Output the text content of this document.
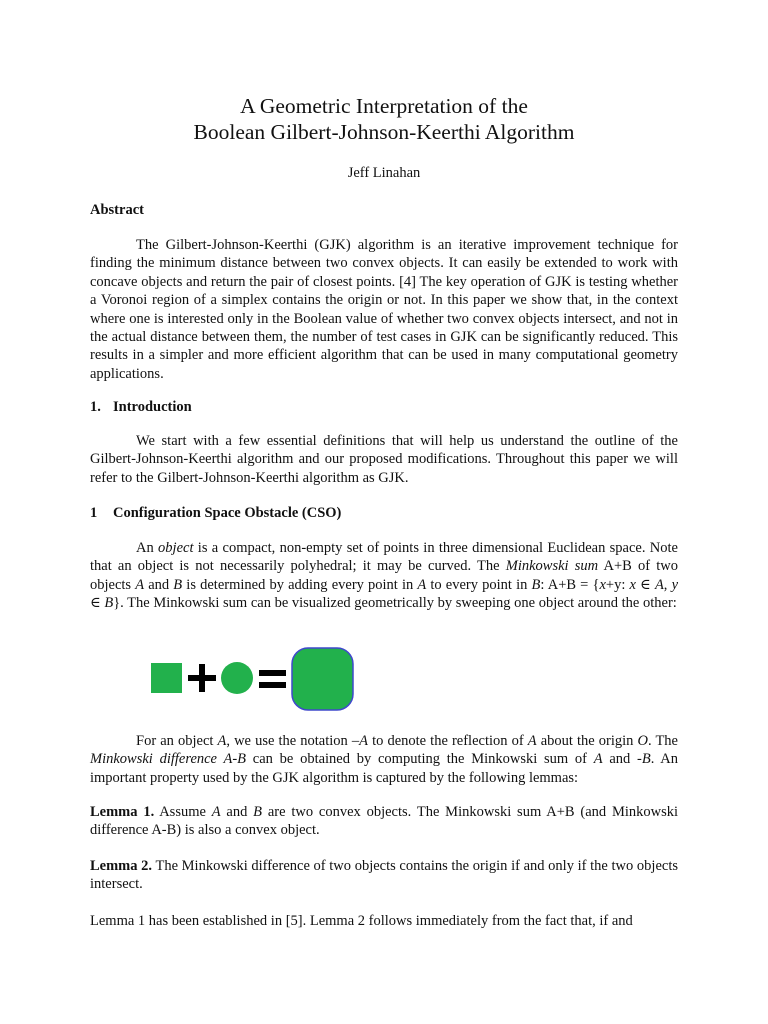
A Geometric Interpretation of the
Boolean Gilbert-Johnson-Keerthi Algorithm
Jeff Linahan
Abstract
The Gilbert-Johnson-Keerthi (GJK) algorithm is an iterative improvement technique for finding the minimum distance between two convex objects. It can easily be extended to work with concave objects and return the pair of closest points. [4] The key operation of GJK is testing whether a Voronoi region of a simplex contains the origin or not. In this paper we show that, in the context where one is interested only in the Boolean value of whether two convex objects intersect, and not in the actual distance between them, the number of test cases in GJK can be significantly reduced. This results in a simpler and more efficient algorithm that can be used in many computational geometry applications.
1. Introduction
We start with a few essential definitions that will help us understand the outline of the Gilbert-Johnson-Keerthi algorithm and our proposed modifications. Throughout this paper we will refer to the Gilbert-Johnson-Keerthi algorithm as GJK.
1 Configuration Space Obstacle (CSO)
An object is a compact, non-empty set of points in three dimensional Euclidean space. Note that an object is not necessarily polyhedral; it may be curved. The Minkowski sum A+B of two objects A and B is determined by adding every point in A to every point in B: A+B = {x+y: x ∈ A, y ∈ B}. The Minkowski sum can be visualized geometrically by sweeping one object around the other:
For an object A, we use the notation –A to denote the reflection of A about the origin O. The Minkowski difference A-B can be obtained by computing the Minkowski sum of A and -B. An important property used by the GJK algorithm is captured by the following lemmas:
Lemma 1. Assume A and B are two convex objects. The Minkowski sum A+B (and Minkowski difference A-B) is also a convex object.
Lemma 2. The Minkowski difference of two objects contains the origin if and only if the two objects intersect.
Lemma 1 has been established in [5]. Lemma 2 follows immediately from the fact that, if and
